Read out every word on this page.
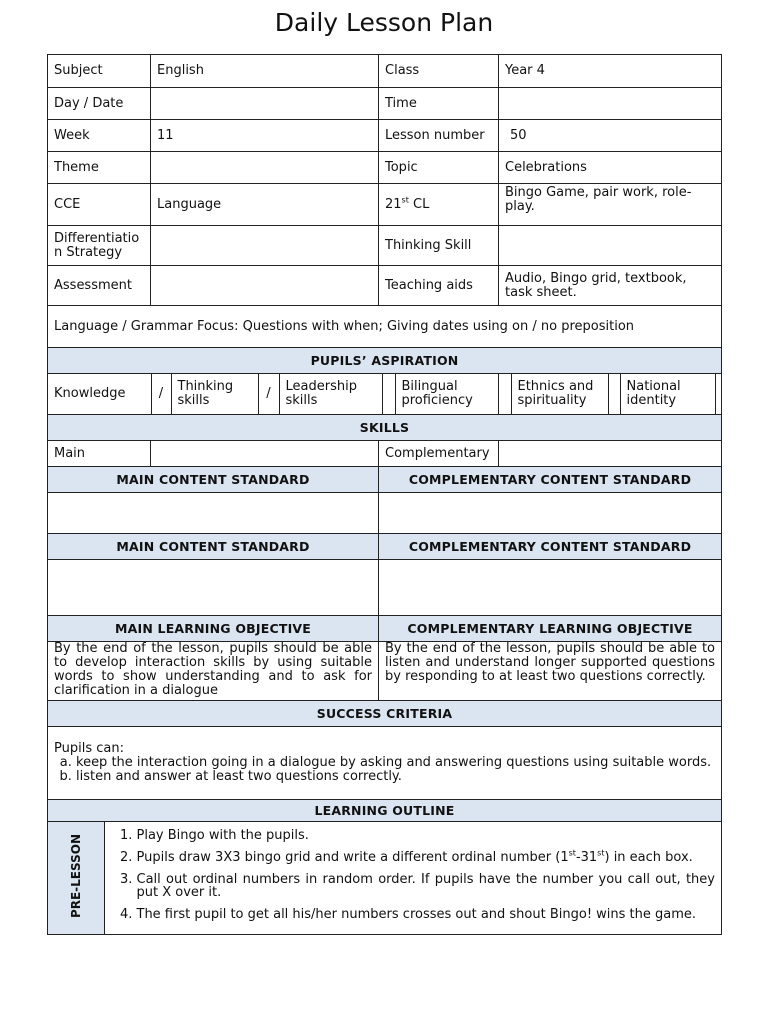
Daily Lesson Plan
Subject	English	Class	Year 4
Day / Date		Time	
Week	11	Lesson number	50
Theme		Topic	Celebrations
CCE	Language	21st CL	Bingo Game, pair work, role-play.
Differentiation Strategy		Thinking Skill	
Assessment		Teaching aids	Audio, Bingo grid, textbook, task sheet.
Language / Grammar Focus: Questions with when; Giving dates using on / no preposition
PUPILS’ ASPIRATION

Knowledge	/	Thinking skills	/	Leadership skills		Bilingual proficiency		Ethnics and spirituality		National identity	

SKILLS
Main		Complementary	
MAIN CONTENT STANDARD	COMPLEMENTARY CONTENT STANDARD

MAIN CONTENT STANDARD	COMPLEMENTARY CONTENT STANDARD

MAIN LEARNING OBJECTIVE	COMPLEMENTARY LEARNING OBJECTIVE
By the end of the lesson, pupils should be able to develop interaction skills by using suitable words to show understanding and to ask for clarification in a dialogue	By the end of the lesson, pupils should be able to listen and understand longer supported questions by responding to at least two questions correctly.
SUCCESS CRITERIA

Pupils can:
a. keep the interaction going in a dialogue by asking and answering questions using suitable words.
b. listen and answer at least two questions correctly.

LEARNING OUTLINE

PRE-LESSON	
1.Play Bingo with the pupils.
2. Pupils draw 3X3 bingo grid and write a different ordinal number (1st-31st) in each box.
3. Call out ordinal numbers in random order. If pupils have the number you call out, they put X over it.
4. The first pupil to get all his/her numbers crosses out and shout Bingo! wins the game.
